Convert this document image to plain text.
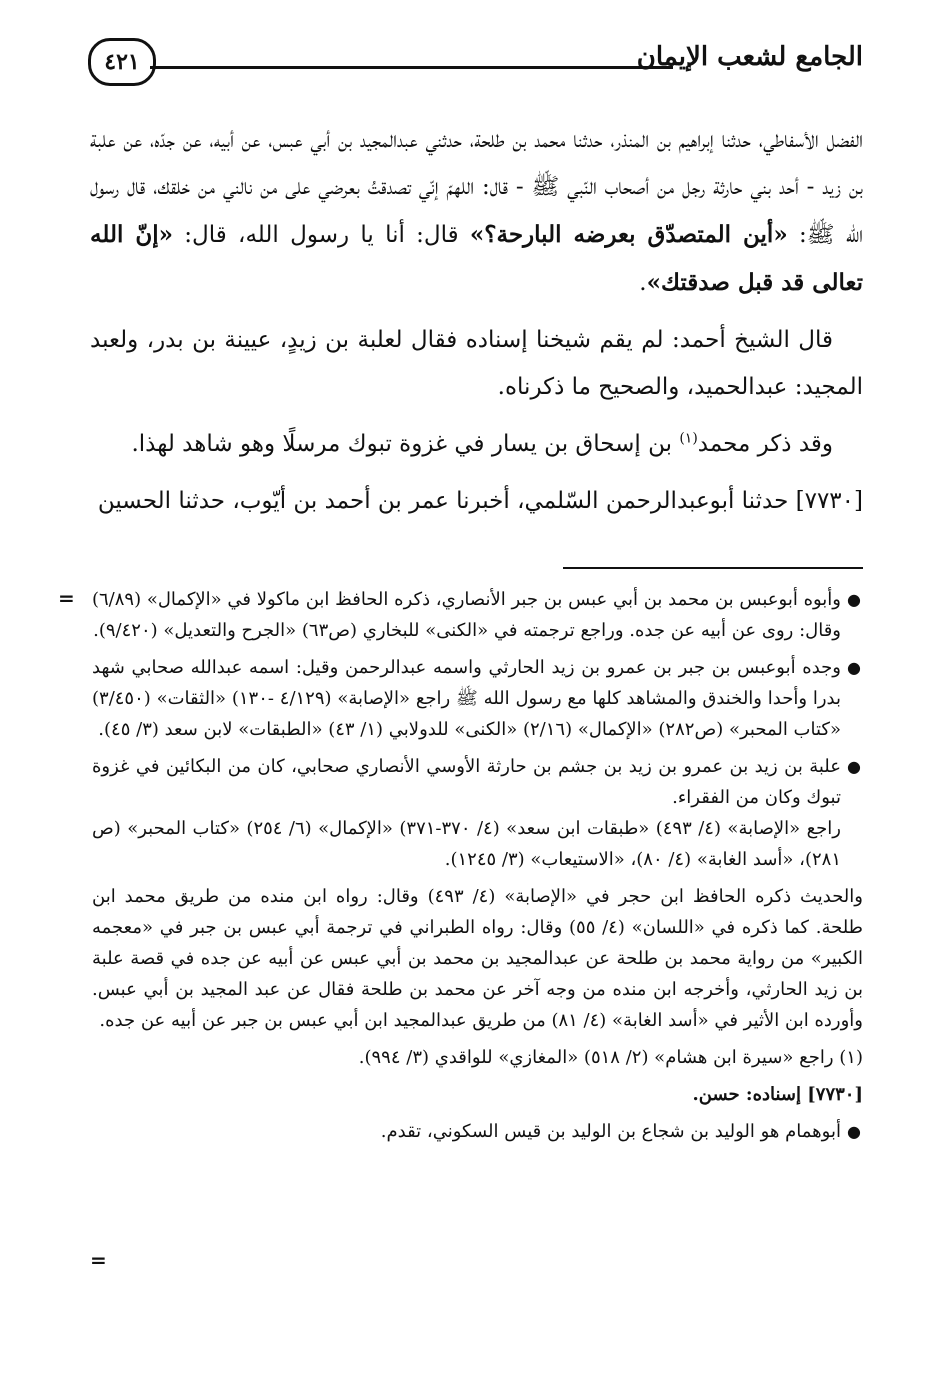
الجامع لشعب الإيمان
٤٢١

الفضل الأسفاطي، حدثنا إبراهيم بن المنذر، حدثنا محمد بن طلحة، حدثني عبدالمجيد بن أبي عبس، عن أبيه، عن جدّه، عن علبة بن زيد - أحد بني حارثة رجل من أصحاب النّبي ﷺ - قال: اللهمّ إنّي تصدقتُ بعرضي على من نالني من خلقك، قال رسول الله ﷺ: «أين المتصدّق بعرضه البارحة؟» قال: أنا يا رسول الله، قال: «إنّ الله تعالى قد قبل صدقتك».

قال الشيخ أحمد: لم يقم شيخنا إسناده فقال لعلبة بن زيدٍ، عيينة بن بدر، ولعبد المجيد: عبدالحميد، والصحيح ما ذكرناه.

وقد ذكر محمد$^{(١)}$ بن إسحاق بن يسار في غزوة تبوك مرسلًا وهو شاهد لهذا.

[٧٧٣٠] حدثنا أبوعبدالرحمن السّلمي، أخبرنا عمر بن أحمد بن أيّوب، حدثنا الحسين

=	●
وأبوه أبوعبس بن محمد بن أبي عبس بن جبر الأنصاري، ذكره الحافظ ابن ماكولا في «الإكمال» (٦/٨٩) وقال: روى عن أبيه عن جده. وراجع ترجمته في «الكنى» للبخاري (ص٦٣) «الجرح والتعديل» (٩/٤٢٠).
●
وجده أبوعبس بن جبر بن عمرو بن زيد الحارثي واسمه عبدالرحمن وقيل: اسمه عبدالله صحابي شهد بدرا وأحدا والخندق والمشاهد كلها مع رسول الله ﷺ راجع «الإصابة» (٤/١٢٩ -١٣٠) «الثقات» (٣/٤٥٠) «كتاب المحبر» (ص٢٨٢) «الإكمال» (٢/١٦) «الكنى» للدولابي (١/ ٤٣) «الطبقات» لابن سعد (٣/ ٤٥).
●
علبة بن زيد بن عمرو بن زيد بن جشم بن حارثة الأوسي الأنصاري صحابي، كان من البكائين في غزوة تبوك وكان من الفقراء.
راجع «الإصابة» (٤/ ٤٩٣) «طبقات ابن سعد» (٤/ ٣٧٠-٣٧١) «الإكمال» (٦/ ٢٥٤) «كتاب المحبر» (ص ٢٨١)، «أسد الغابة» (٤/ ٨٠)، «الاستيعاب» (٣/ ١٢٤٥).
والحديث ذكره الحافظ ابن حجر في «الإصابة» (٤/ ٤٩٣) وقال: رواه ابن منده من طريق محمد ابن طلحة. كما ذكره في «اللسان» (٤/ ٥٥) وقال: رواه الطبراني في ترجمة أبي عبس بن جبر في «معجمه الكبير» من رواية محمد بن طلحة عن عبدالمجيد بن محمد بن أبي عبس عن أبيه عن جده في قصة علبة بن زيد الحارثي، وأخرجه ابن منده من وجه آخر عن محمد بن طلحة فقال عن عبد المجيد بن أبي عبس. وأورده ابن الأثير في «أسد الغابة» (٤/ ٨١) من طريق عبدالمجيد ابن أبي عبس بن جبر عن أبيه عن جده.
(١) راجع «سيرة ابن هشام» (٢/ ٥١٨) «المغازي» للواقدي (٣/ ٩٩٤).
[٧٧٣٠] إسناده: حسن.
●
أبوهمام هو الوليد بن شجاع بن الوليد بن قيس السكوني، تقدم.
=
